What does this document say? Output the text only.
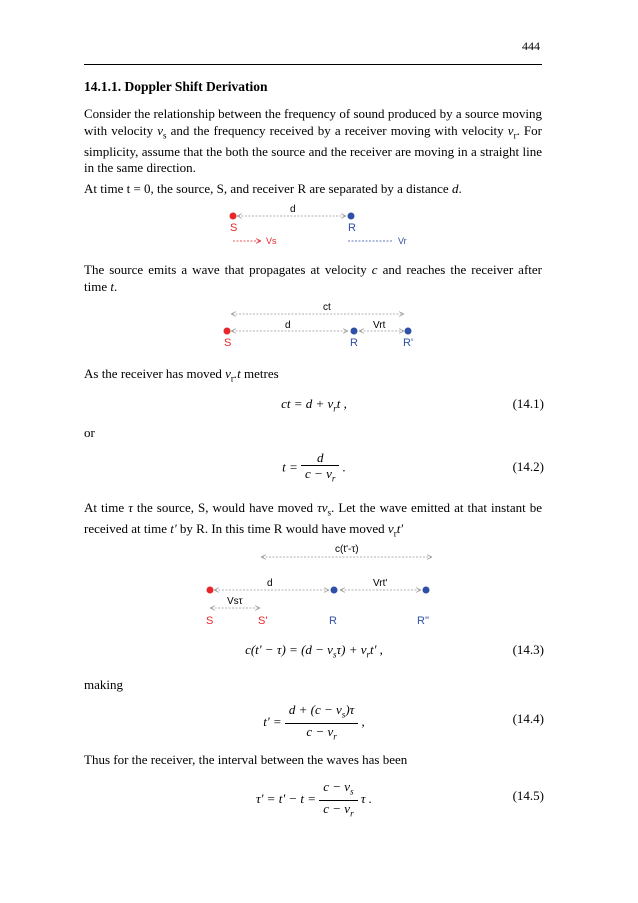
444
14.1.1. Doppler Shift Derivation

Consider the relationship between the frequency of sound produced by a source moving with velocity $v_s$ and the frequency received by a receiver moving with velocity $v_r$. For simplicity, assume that the both the source and the receiver are moving in a straight line in the same direction.

At time t = 0, the source, S, and receiver R are separated by a distance d.

d
S	R
Vs	Vr

The source emits a wave that propagates at velocity c and reaches the receiver after time t.

ct
d	Vrt
S	R	R'

As the receiver has moved $v_r.t$ metres

ct = $d + v_rt$ ,	(14.1)

or

$t = \frac{d}{c - v_r}$ .	(14.2)

At time τ the source, S, would have moved $\tau v_s$. Let the wave emitted at that instant be received at time t' by R. In this time R would have moved $v_rt'$

c(t'-τ)
d	Vrt'
Vsτ
S	S'	R	R''
$c(t' - \tau) = (d - v_s\tau) + v_rt'$ ,	(14.3)

making

$t' = \frac{d + (c - v_s)\tau}{c - v_r}$ ,	(14.4)

Thus for the receiver, the interval between the waves has been

$\tau' = t' - t = \frac{c - v_s}{c - v_r}$ τ .	(14.5)
